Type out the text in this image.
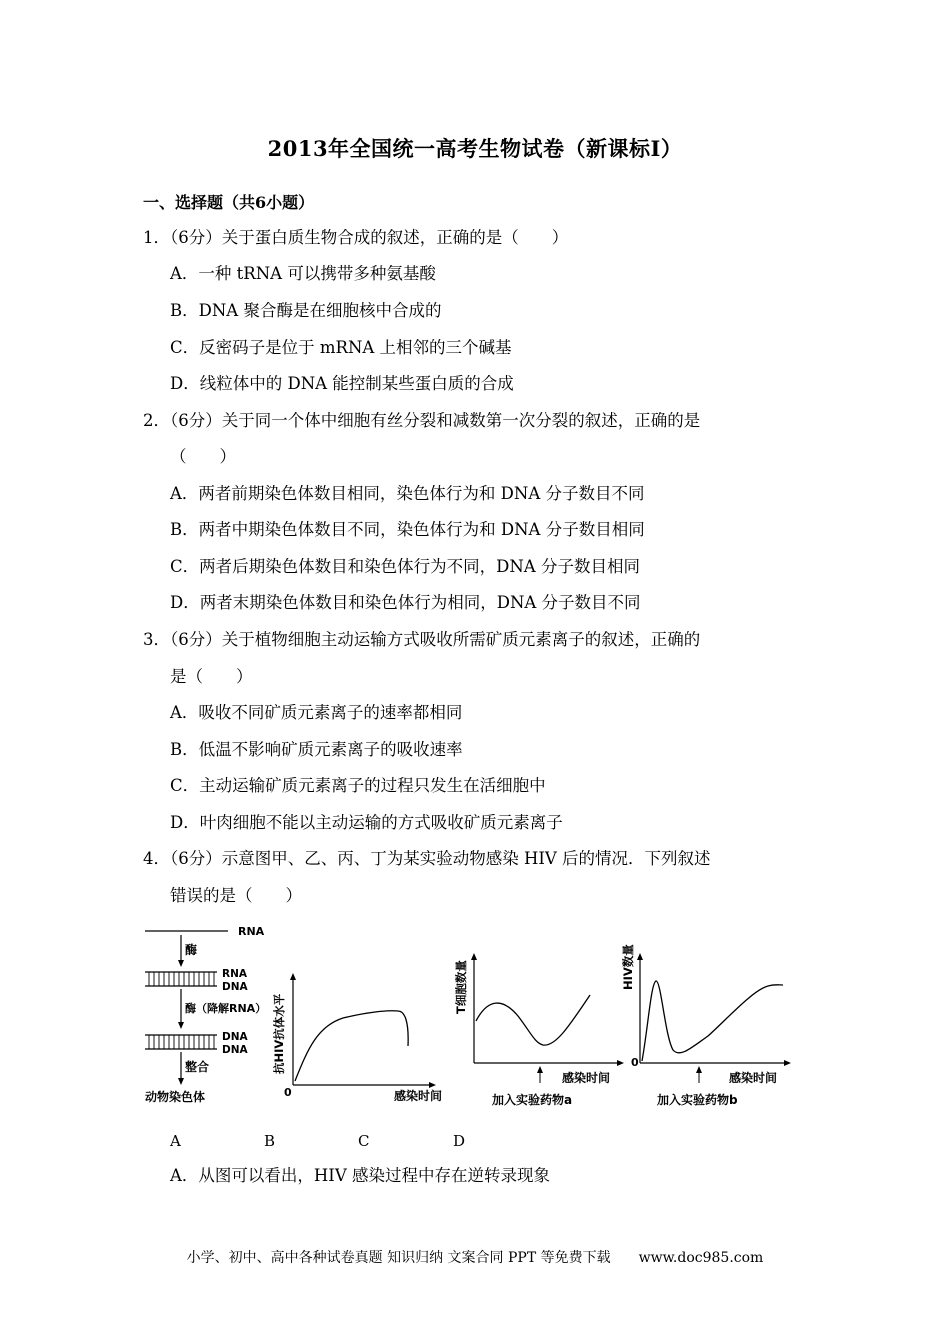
2013年全国统一高考生物试卷（新课标Ⅰ）
一、选择题（共6小题）
1．（6分）关于蛋白质生物合成的叙述，正确的是（　　）
A．一种 tRNA 可以携带多种氨基酸
B．DNA 聚合酶是在细胞核中合成的
C．反密码子是位于 mRNA 上相邻的三个碱基
D．线粒体中的 DNA 能控制某些蛋白质的合成
2．（6分）关于同一个体中细胞有丝分裂和减数第一次分裂的叙述，正确的是
（　　）
A．两者前期染色体数目相同，染色体行为和 DNA 分子数目不同
B．两者中期染色体数目不同，染色体行为和 DNA 分子数目相同
C．两者后期染色体数目和染色体行为不同，DNA 分子数目相同
D．两者末期染色体数目和染色体行为相同，DNA 分子数目不同
3．（6分）关于植物细胞主动运输方式吸收所需矿质元素离子的叙述，正确的
是（　　）
A．吸收不同矿质元素离子的速率都相同
B．低温不影响矿质元素离子的吸收速率
C．主动运输矿质元素离子的过程只发生在活细胞中
D．叶肉细胞不能以主动运输的方式吸收矿质元素离子
4．（6分）示意图甲、乙、丙、丁为某实验动物感染 HIV 后的情况．下列叙述
错误的是（　　）
RNA
酶
RNA
DNA
酶（降解RNA）
DNA
DNA
整合
动物染色体
抗HIV抗体水平
0	感染时间
T细胞数量
感染时间
加入实验药物a
HIV数量
0
感染时间
加入实验药物b
A	B	C	D
A．从图可以看出，HIV 感染过程中存在逆转录现象
小学、初中、高中各种试卷真题 知识归纳 文案合同 PPT 等免费下载 www.doc985.com
